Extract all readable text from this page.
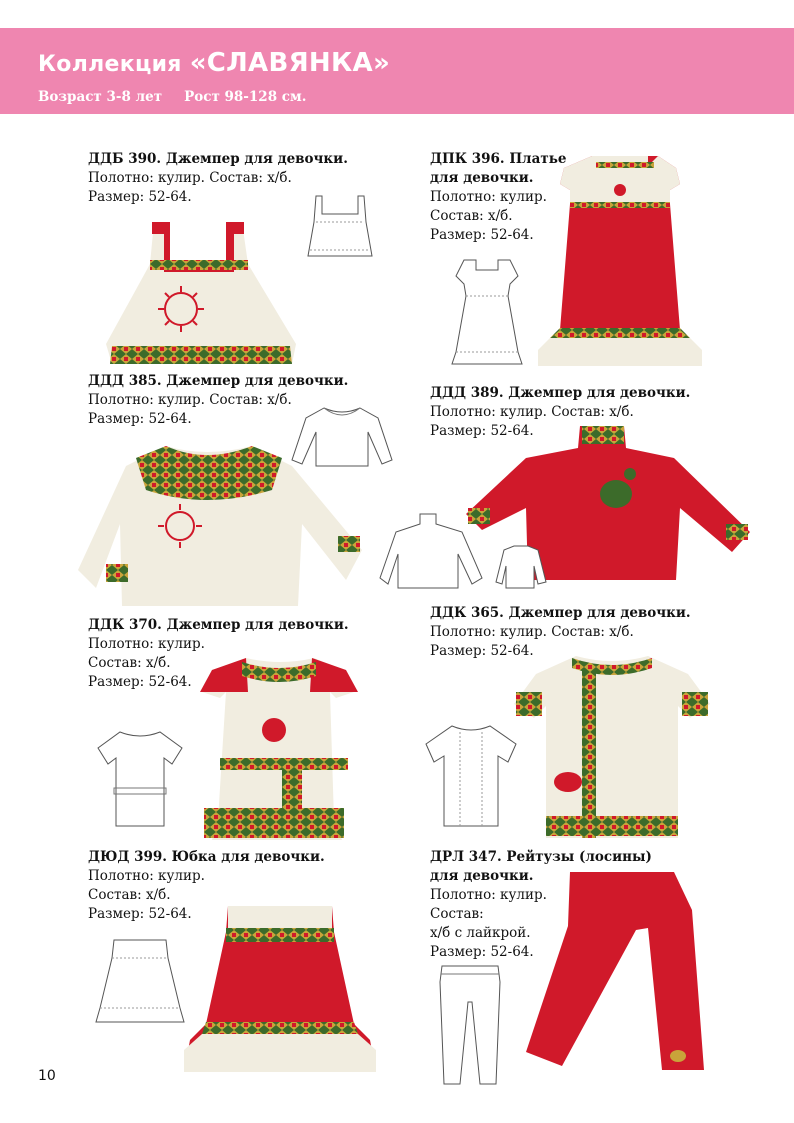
Коллекция «СЛАВЯНКА»
Возраст 3-8 лет Рост 98-128 см.
ДДБ 390. Джемпер для девочки.
Полотно: кулир. Состав: х/б.
Размер: 52-64.
ДПК 396. Платье
для девочки.
Полотно: кулир.
Состав: х/б.
Размер: 52-64.
ДДД 385. Джемпер для девочки.
Полотно: кулир. Состав: х/б.
Размер: 52-64.
ДДД 389. Джемпер для девочки.
Полотно: кулир. Состав: х/б.
Размер: 52-64.
ДДК 370. Джемпер для девочки.
Полотно: кулир.
Состав: х/б.
Размер: 52-64.
ДДК 365. Джемпер для девочки.
Полотно: кулир. Состав: х/б.
Размер: 52-64.
ДЮД 399. Юбка для девочки.
Полотно: кулир.
Состав: х/б.
Размер: 52-64.
ДРЛ 347. Рейтузы (лосины)
для девочки.
Полотно: кулир.
Состав:
х/б с лайкрой.
Размер: 52-64.
10
